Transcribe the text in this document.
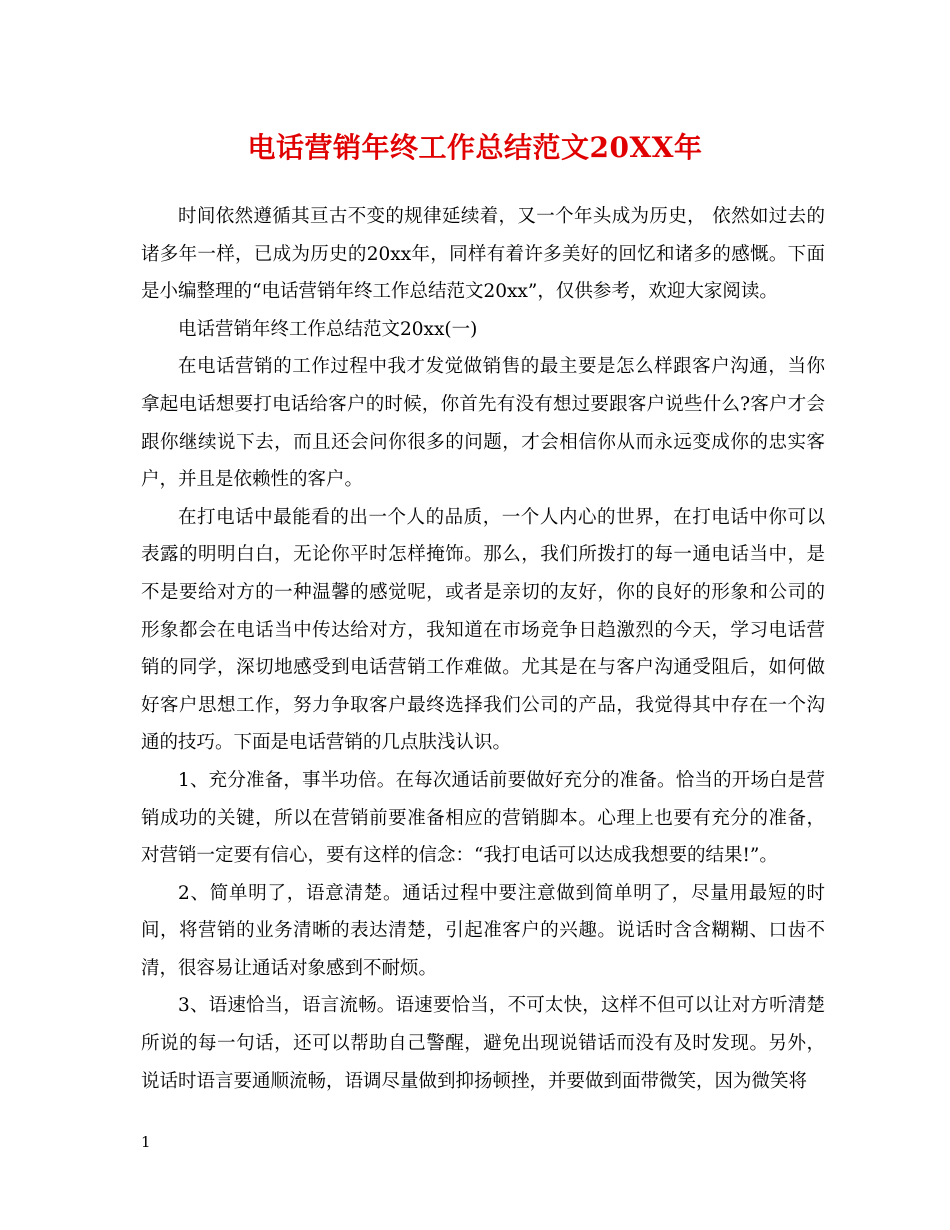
电话营销年终工作总结范文20XX年

时间依然遵循其亘古不变的规律延续着，又一个年头成为历史， 依然如过去的诸多年一样，已成为历史的20xx年，同样有着许多美好的回忆和诸多的感慨。下面是小编整理的“电话营销年终工作总结范文20xx”，仅供参考，欢迎大家阅读。

电话营销年终工作总结范文20xx(一)

在电话营销的工作过程中我才发觉做销售的最主要是怎么样跟客户沟通，当你拿起电话想要打电话给客户的时候，你首先有没有想过要跟客户说些什么?客户才会跟你继续说下去，而且还会问你很多的问题，才会相信你从而永远变成你的忠实客户，并且是依赖性的客户。

在打电话中最能看的出一个人的品质，一个人内心的世界，在打电话中你可以表露的明明白白，无论你平时怎样掩饰。那么，我们所拨打的每一通电话当中，是不是要给对方的一种温馨的感觉呢，或者是亲切的友好，你的良好的形象和公司的形象都会在电话当中传达给对方，我知道在市场竞争日趋激烈的今天，学习电话营销的同学，深切地感受到电话营销工作难做。尤其是在与客户沟通受阻后，如何做好客户思想工作，努力争取客户最终选择我们公司的产品，我觉得其中存在一个沟通的技巧。下面是电话营销的几点肤浅认识。

1、充分准备，事半功倍。在每次通话前要做好充分的准备。恰当的开场白是营销成功的关键，所以在营销前要准备相应的营销脚本。心理上也要有充分的准备，对营销一定要有信心，要有这样的信念：“我打电话可以达成我想要的结果!”。

2、简单明了，语意清楚。通话过程中要注意做到简单明了，尽量用最短的时间，将营销的业务清晰的表达清楚，引起准客户的兴趣。说话时含含糊糊、口齿不清，很容易让通话对象感到不耐烦。

3、语速恰当，语言流畅。语速要恰当，不可太快，这样不但可以让对方听清楚所说的每一句话，还可以帮助自己警醒，避免出现说错话而没有及时发现。另外，说话时语言要通顺流畅，语调尽量做到抑扬顿挫，并要做到面带微笑，因为微笑将

1
